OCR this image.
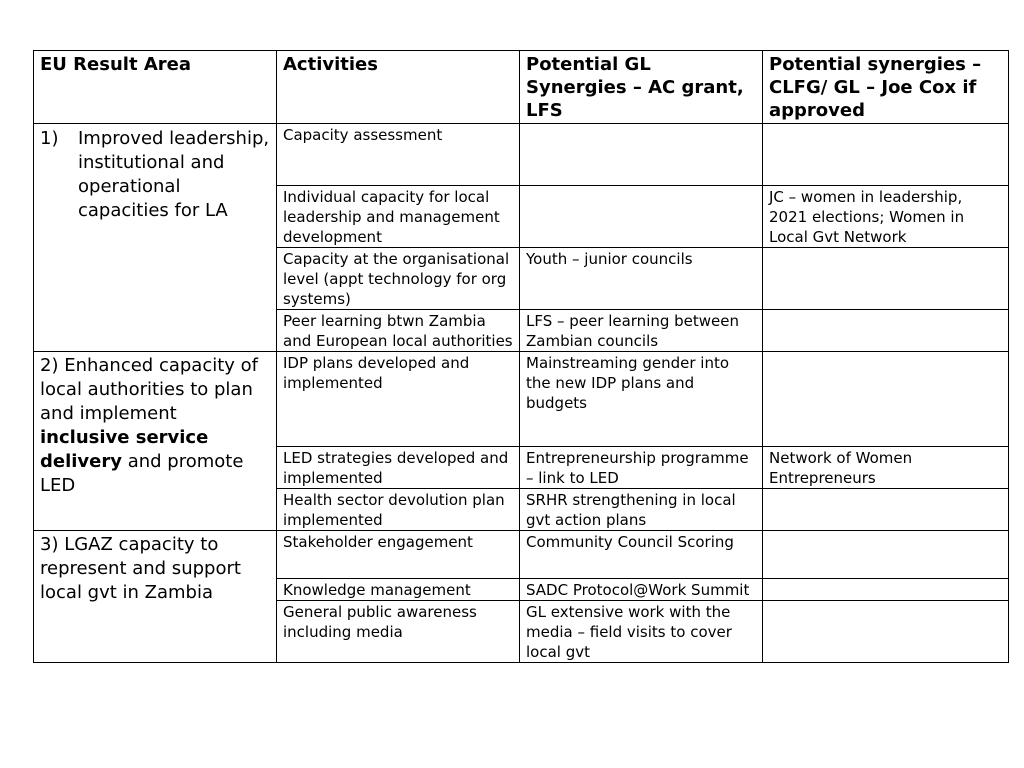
EU Result Area	Activities	Potential GL Synergies – AC grant, LFS	Potential synergies – CLFG/ GL – Joe Cox if approved

1) Improved leadership, institutional and operational capacities for LA	Capacity assessment		
	Individual capacity for local leadership and management development		JC – women in leadership, 2021 elections; Women in Local Gvt Network
	Capacity at the organisational level (appt technology for org systems)	Youth – junior councils	
	Peer learning btwn Zambia and European local authorities	LFS – peer learning between Zambian councils	

2) Enhanced capacity of local authorities to plan and implement inclusive service delivery and promote LED	IDP plans developed and implemented	Mainstreaming gender into the new IDP plans and budgets	
	LED strategies developed and implemented	Entrepreneurship programme – link to LED	Network of Women Entrepreneurs
	Health sector devolution plan implemented	SRHR strengthening in local gvt action plans	

3) LGAZ capacity to represent and support local gvt in Zambia	Stakeholder engagement	Community Council Scoring	
	Knowledge management	SADC Protocol@Work Summit	
	General public awareness including media	GL extensive work with the media – field visits to cover local gvt	
